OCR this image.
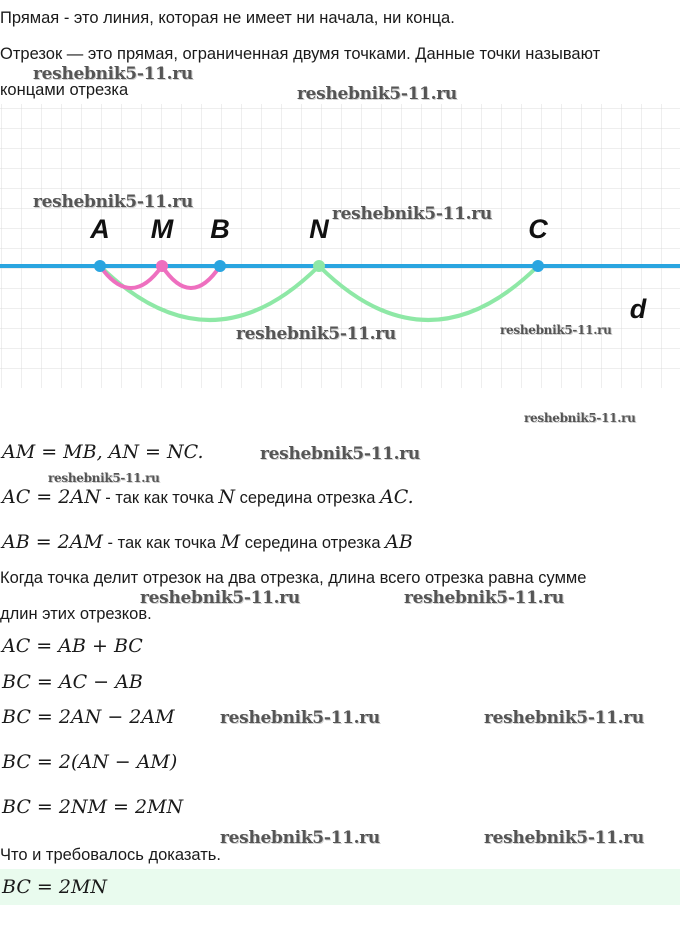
Прямая - это линия, которая не имеет ни начала, ни конца.
Отрезок — это прямая, ограниченная двумя точками. Данные точки называют
концами отрезка
A M B	N	C
d
AM = MB, AN = NC.
AC = 2AN - так как точка N середина отрезка AC.
AB = 2AM - так как точка M середина отрезка AB
Когда точка делит отрезок на два отрезка, длина всего отрезка равна сумме
длин этих отрезков.
AC = AB + BC
BC = AC − AB
BC = 2AN − 2AM
BC = 2(AN − AM)
BC = 2NM = 2MN
Что и требовалось доказать.
BC = 2MN
reshebnik5-11.ru
reshebnik5-11.ru
reshebnik5-11.ru
reshebnik5-11.ru
reshebnik5-11.ru	reshebnik5-11.ru
reshebnik5-11.ru
reshebnik5-11.ru
reshebnik5-11.ru
reshebnik5-11.ru	reshebnik5-11.ru
reshebnik5-11.ru	reshebnik5-11.ru
reshebnik5-11.ru	reshebnik5-11.ru
